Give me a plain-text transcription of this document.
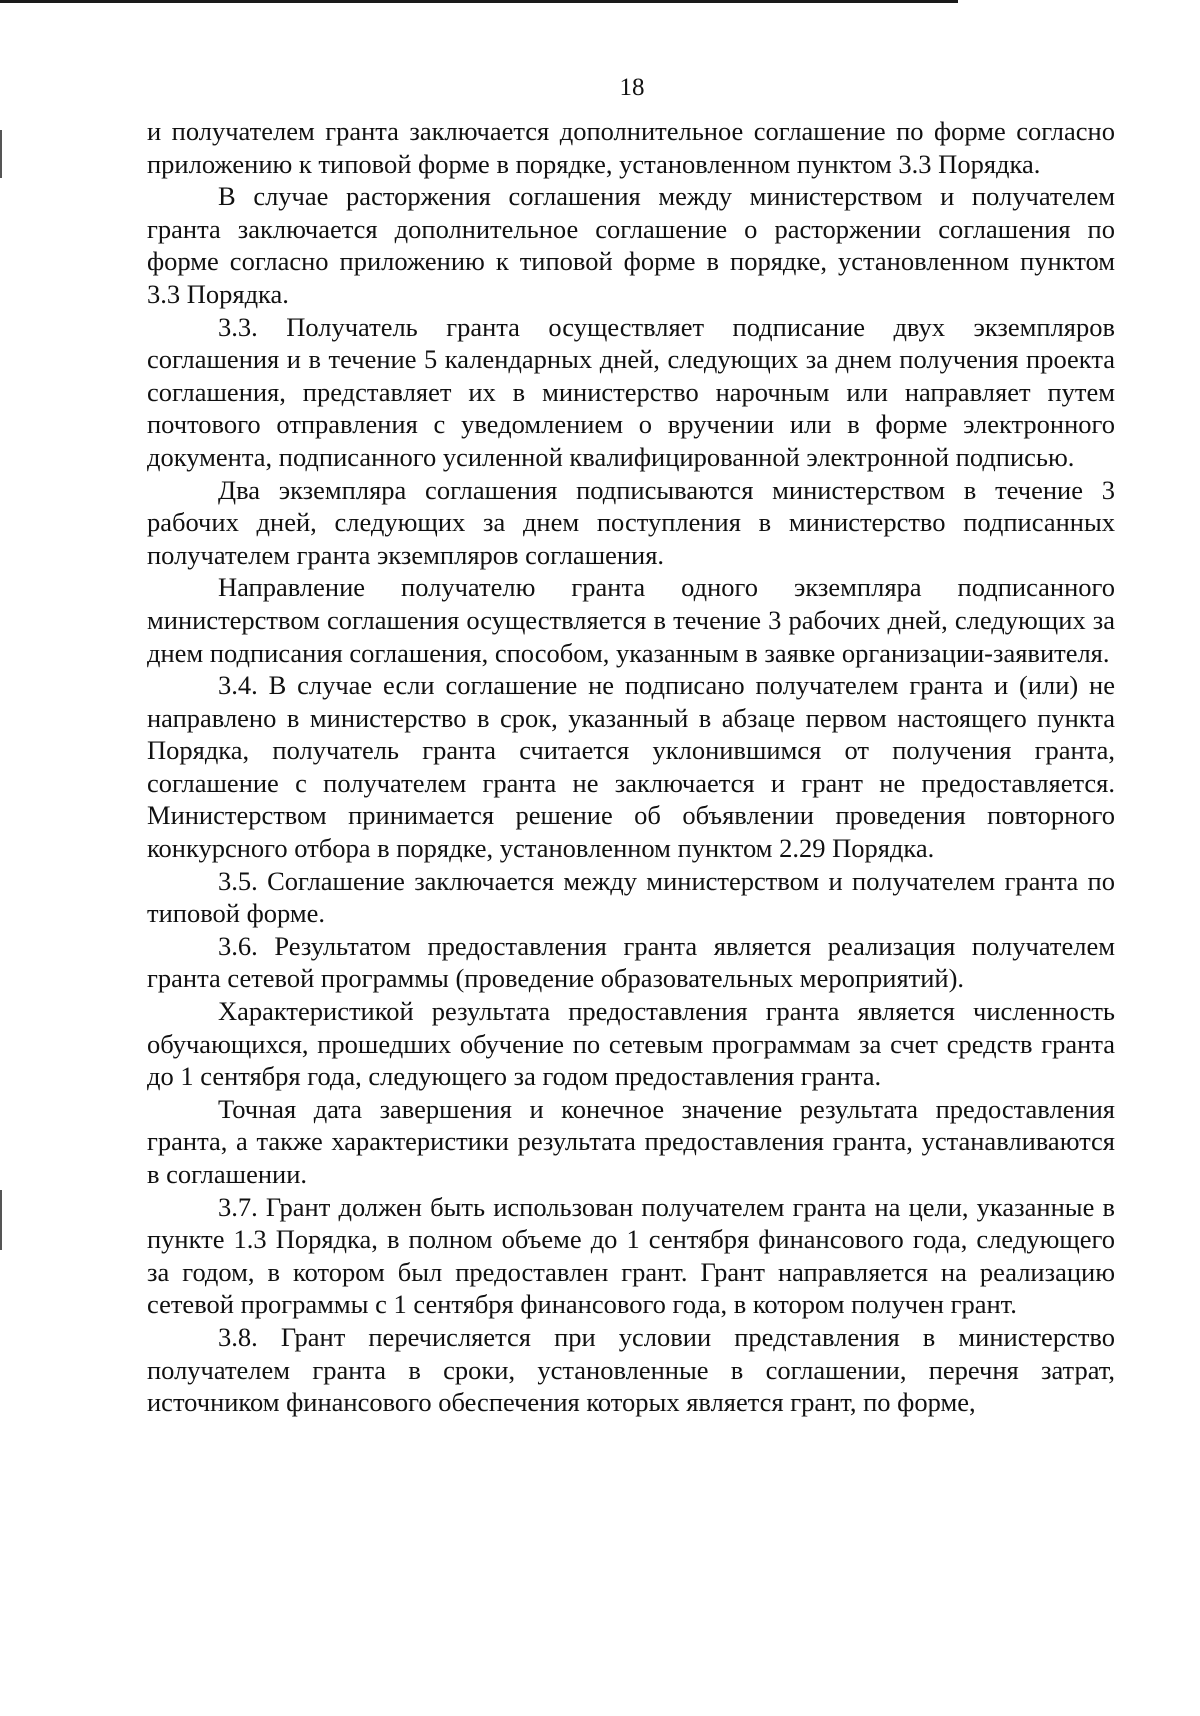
18

и получателем гранта заключается дополнительное соглашение по форме согласно приложению к типовой форме в порядке, установленном пунктом 3.3 Порядка.

В случае расторжения соглашения между министерством и получателем гранта заключается дополнительное соглашение о расторжении соглашения по форме согласно приложению к типовой форме в порядке, установленном пунктом 3.3 Порядка.

3.3. Получатель гранта осуществляет подписание двух экземпляров соглашения и в течение 5 календарных дней, следующих за днем получения проекта соглашения, представляет их в министерство нарочным или направляет путем почтового отправления с уведомлением о вручении или в форме электронного документа, подписанного усиленной квалифицированной электронной подписью.

Два экземпляра соглашения подписываются министерством в течение 3 рабочих дней, следующих за днем поступления в министерство подписанных получателем гранта экземпляров соглашения.

Направление получателю гранта одного экземпляра подписанного министерством соглашения осуществляется в течение 3 рабочих дней, следующих за днем подписания соглашения, способом, указанным в заявке организации-заявителя.

3.4. В случае если соглашение не подписано получателем гранта и (или) не направлено в министерство в срок, указанный в абзаце первом настоящего пункта Порядка, получатель гранта считается уклонившимся от получения гранта, соглашение с получателем гранта не заключается и грант не предоставляется. Министерством принимается решение об объявлении проведения повторного конкурсного отбора в порядке, установленном пунктом 2.29 Порядка.

3.5. Соглашение заключается между министерством и получателем гранта по типовой форме.

3.6. Результатом предоставления гранта является реализация получателем гранта сетевой программы (проведение образовательных мероприятий).

Характеристикой результата предоставления гранта является численность обучающихся, прошедших обучение по сетевым программам за счет средств гранта до 1 сентября года, следующего за годом предоставления гранта.

Точная дата завершения и конечное значение результата предоставления гранта, а также характеристики результата предоставления гранта, устанавливаются в соглашении.

3.7. Грант должен быть использован получателем гранта на цели, указанные в пункте 1.3 Порядка, в полном объеме до 1 сентября финансового года, следующего за годом, в котором был предоставлен грант. Грант направляется на реализацию сетевой программы с 1 сентября финансового года, в котором получен грант.

3.8. Грант перечисляется при условии представления в министерство получателем гранта в сроки, установленные в соглашении, перечня затрат, источником финансового обеспечения которых является грант, по форме,
